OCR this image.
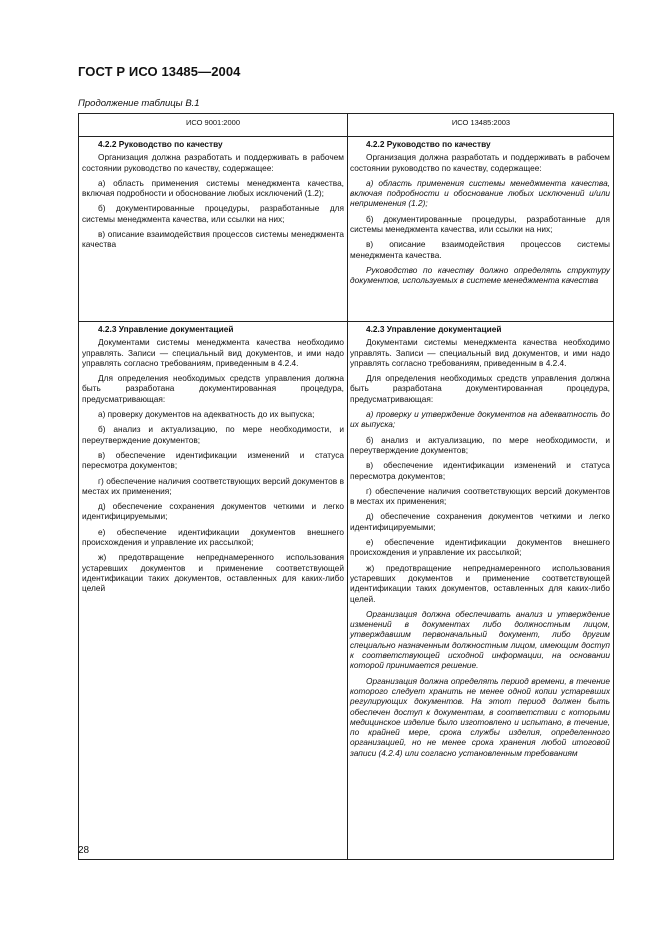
ГОСТ Р ИСО 13485—2004
Продолжение таблицы В.1
ИСО 9001:2000	ИСО 13485:2003

4.2.2 Руководство по качеству

Организация должна разработать и поддерживать в рабочем состоянии руководство по качеству, содержащее:

а) область применения системы менеджмента качества, включая подробности и обоснование любых исключений (1.2);

б) документированные процедуры, разработанные для системы менеджмента качества, или ссылки на них;

в) описание взаимодействия процессов системы менеджмента качества

4.2.2 Руководство по качеству

Организация должна разработать и поддерживать в рабочем состоянии руководство по качеству, содержащее:

а) область применения системы менеджмента качества, включая подробности и обоснование любых исключений и/или неприменения (1.2);

б) документированные процедуры, разработанные для системы менеджмента качества, или ссылки на них;

в) описание взаимодействия процессов системы менеджмента качества.

Руководство по качеству должно определять структуру документов, используемых в системе менеджмента качества

4.2.3 Управление документацией

Документами системы менеджмента качества необходимо управлять. Записи — специальный вид документов, и ими надо управлять согласно требованиям, приведенным в 4.2.4.

Для определения необходимых средств управления должна быть разработана документированная процедура, предусматривающая:

а) проверку документов на адекватность до их выпуска;

б) анализ и актуализацию, по мере необходимости, и переутверждение документов;

в) обеспечение идентификации изменений и статуса пересмотра документов;

г) обеспечение наличия соответствующих версий документов в местах их применения;

д) обеспечение сохранения документов четкими и легко идентифицируемыми;

е) обеспечение идентификации документов внешнего происхождения и управление их рассылкой;

ж) предотвращение непреднамеренного использования устаревших документов и применение соответствующей идентификации таких документов, оставленных для каких-либо целей

4.2.3 Управление документацией

Документами системы менеджмента качества необходимо управлять. Записи — специальный вид документов, и ими надо управлять согласно требованиям, приведенным в 4.2.4.

Для определения необходимых средств управления должна быть разработана документированная процедура, предусматривающая:

а) проверку и утверждение документов на адекватность до их выпуска;

б) анализ и актуализацию, по мере необходимости, и переутверждение документов;

в) обеспечение идентификации изменений и статуса пересмотра документов;

г) обеспечение наличия соответствующих версий документов в местах их применения;

д) обеспечение сохранения документов четкими и легко идентифицируемыми;

е) обеспечение идентификации документов внешнего происхождения и управление их рассылкой;

ж) предотвращение непреднамеренного использования устаревших документов и применение соответствующей идентификации таких документов, оставленных для каких-либо целей.

Организация должна обеспечивать анализ и утверждение изменений в документах либо должностным лицом, утверждавшим первоначальный документ, либо другим специально назначенным должностным лицом, имеющим доступ к соответствующей исходной информации, на основании которой принимается решение.

Организация должна определять период времени, в течение которого следует хранить не менее одной копии устаревших регулирующих документов. На этот период должен быть обеспечен доступ к документам, в соответствии с которыми медицинское изделие было изготовлено и испытано, в течение, по крайней мере, срока службы изделия, определенного организацией, но не менее срока хранения любой итоговой записи (4.2.4) или согласно установленным требованиям

28
